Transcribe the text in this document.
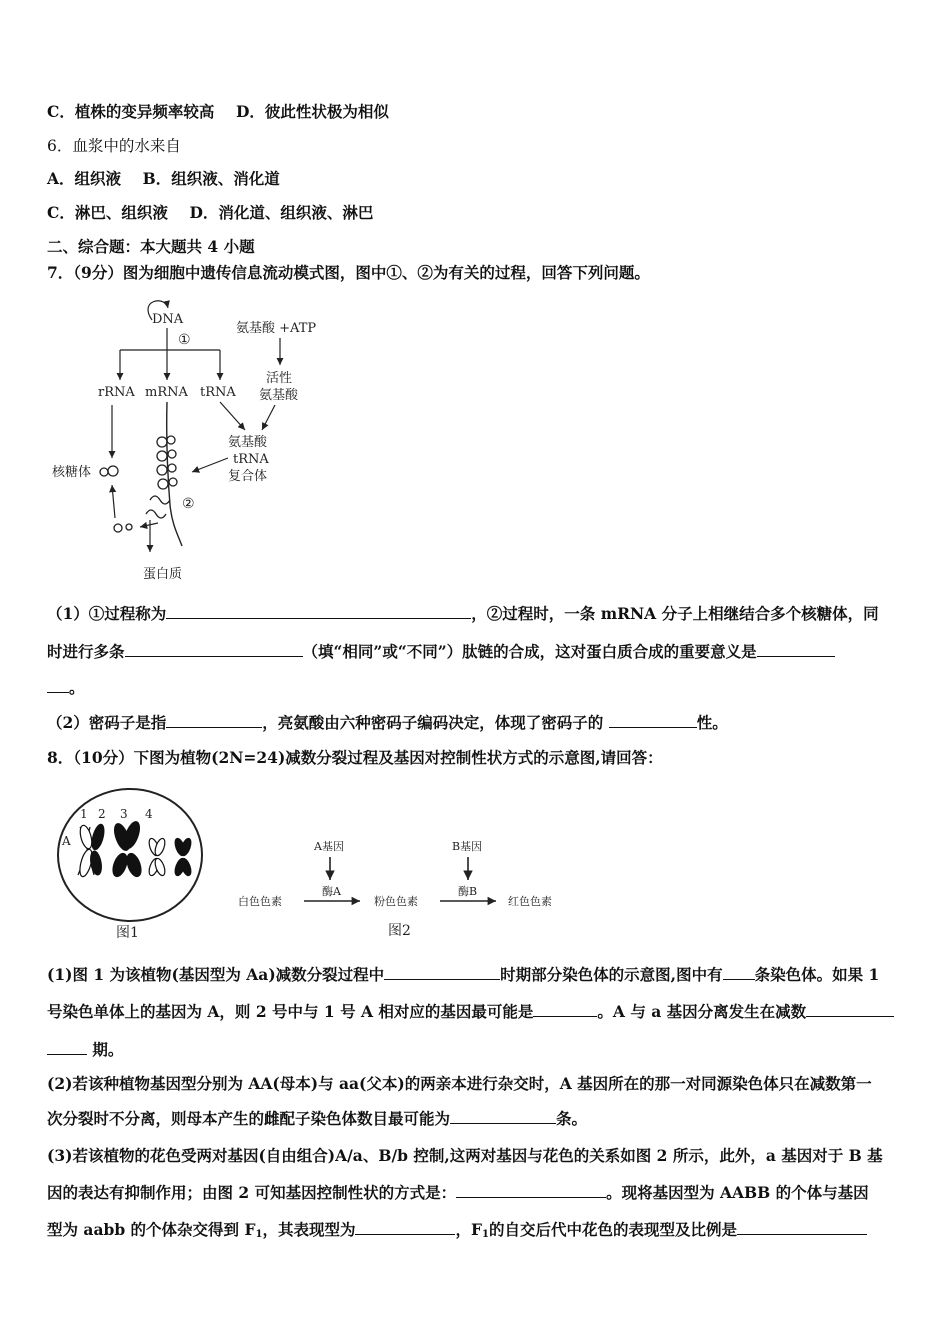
C．植株的变异频率较高 D．彼此性状极为相似
6．血浆中的水来自
A．组织液 B．组织液、消化道
C．淋巴、组织液 D．消化道、组织液、淋巴
二、综合题：本大题共 4 小题
7．（9分）图为细胞中遗传信息流动模式图，图中①、②为有关的过程，回答下列问题。
DNA
①
rRNA mRNA tRNA
氨基酸 +ATP
活性
氨基酸
氨基酸
tRNA
复合体
②
核糖体
蛋白质
（1）①过程称为	，②过程时，一条 mRNA 分子上相继结合多个核糖体，同
时进行多条	（填“相同”或“不同”）肽链的合成，这对蛋白质合成的重要意义是
。
（2）密码子是指	，亮氨酸由六种密码子编码决定，体现了密码子的	性。
8．（10分）下图为植物(2N=24)减数分裂过程及基因对控制性状方式的示意图,请回答：
1 2 3 4
A
图1
A基因	B基因
酶A	酶B
白色色素	粉色色素	红色色素
图2
(1)图 1 为该植物(基因型为 Aa)减数分裂过程中	时期部分染色体的示意图,图中有 条染色体。如果 1
号染色单体上的基因为 A，则 2 号中与 1 号 A 相对应的基因最可能是	。A 与 a 基因分离发生在减数
期。
(2)若该种植物基因型分别为 AA(母本)与 aa(父本)的两亲本进行杂交时，A 基因所在的那一对同源染色体只在减数第一
次分裂时不分离，则母本产生的雌配子染色体数目最可能为	条。
(3)若该植物的花色受两对基因(自由组合)A/a、B/b 控制,这两对基因与花色的关系如图 2 所示，此外，a 基因对于 B 基
因的表达有抑制作用；由图 2 可知基因控制性状的方式是：	。现将基因型为 AABB 的个体与基因
型为 aabb 的个体杂交得到 $F_1$，其表现型为	，$F_1$的自交后代中花色的表现型及比例是
